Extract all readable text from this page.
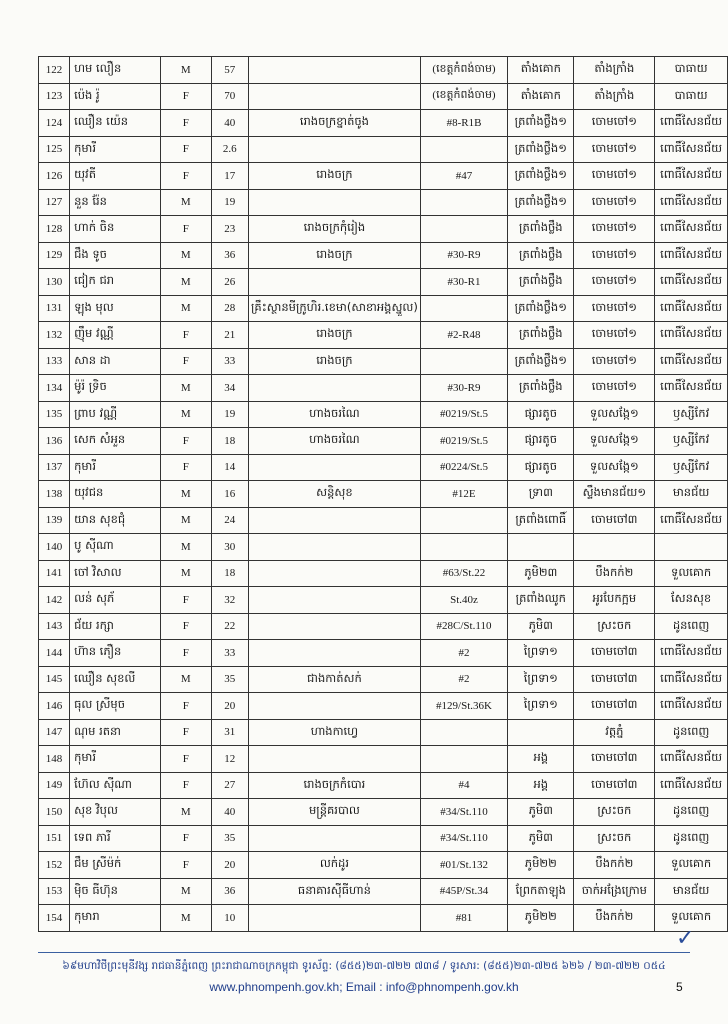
122	ហម លឿន	M	57		(ខេត្តកំពង់ចាម)	តាំងគោក	តាំងក្រាំង	បាធាយ
123	ប៉េង រ៉ូ	F	70		(ខេត្តកំពង់ចាម)	តាំងគោក	តាំងក្រាំង	បាធាយ
124	ឈឿន យ៉េន	F	40	រោងចក្រខ្នាត់ចូង	#8-R1B	ត្រពាំងថ្លឹង១	ចោមចៅ១	ពោធិ៍សែនជ័យ
125	កុមារី	F	2.6			ត្រពាំងថ្លឹង១	ចោមចៅ១	ពោធិ៍សែនជ័យ
126	យុវតី	F	17	រោងចក្រ	#47	ត្រពាំងថ្លឹង១	ចោមចៅ១	ពោធិ៍សែនជ័យ
127	នួន រ៉ែន	M	19			ត្រពាំងថ្លឹង១	ចោមចៅ១	ពោធិ៍សែនជ័យ
128	ហាក់ ចិន	F	23	រោងចក្រកុំរៀង		ត្រពាំងថ្លឹង	ចោមចៅ១	ពោធិ៍សែនជ័យ
129	ជឹង ទូច	M	36	រោងចក្រ	#30-R9	ត្រពាំងថ្លឹង	ចោមចៅ១	ពោធិ៍សែនជ័យ
130	ជៀក ជរា	M	26		#30-R1	ត្រពាំងថ្លឹង	ចោមចៅ១	ពោធិ៍សែនជ័យ
131	ឡុង មុល	M	28	គ្រឹះស្ថានមីក្រូហិរ.ខេមា(សាខាអង្គស្នួល)		ត្រពាំងថ្លឹង១	ចោមចៅ១	ពោធិ៍សែនជ័យ
132	ញ៉ឹម វណ្ណី	F	21	រោងចក្រ	#2-R48	ត្រពាំងថ្លឹង	ចោមចៅ១	ពោធិ៍សែនជ័យ
133	សាន ដា	F	33	រោងចក្រ		ត្រពាំងថ្លឹង១	ចោមចៅ១	ពោធិ៍សែនជ័យ
134	ម៉ូរ៉ ទ្រិច	M	34		#30-R9	ត្រពាំងថ្លឹង	ចោមចៅ១	ពោធិ៍សែនជ័យ
135	ព្រាប វណ្ណី	M	19	ហាងចរណៃ	#0219/St.5	ផ្សារតូច	ទួលសង្កែ១	ឫស្សីកែវ
136	សេក សំអួន	F	18	ហាងចរណៃ	#0219/St.5	ផ្សារតូច	ទួលសង្កែ១	ឫស្សីកែវ
137	កុមារី	F	14		#0224/St.5	ផ្សារតូច	ទួលសង្កែ១	ឫស្សីកែវ
138	យុវជន	M	16	សន្តិសុខ	#12E	ទ្រា៣	ស្ទឹងមានជ័យ១	មានជ័យ
139	យាន សុខជុំ	M	24			ត្រពាំងពោធិ៍	ចោមចៅ៣	ពោធិ៍សែនជ័យ
140	បូ ស៊ីណា	M	30					
141	ចៅ វិសាល	M	18		#63/St.22	ភូមិ២៣	បឹងកក់២	ទួលគោក
142	លន់ សុភ័	F	32		St.40z	ត្រពាំងឈូក	អូរបែកក្អម	សែនសុខ
143	ជ័យ រក្សា	F	22		#28C/St.110	ភូមិ៣	ស្រះចក	ដូនពេញ
144	ហ៊ាន ភឿន	F	33		#2	ព្រៃទា១	ចោមចៅ៣	ពោធិ៍សែនជ័យ
145	ឈឿន សុខលី	M	35	ជាងកាត់សក់	#2	ព្រៃទា១	ចោមចៅ៣	ពោធិ៍សែនជ័យ
146	ធុល ស្រីមុច	F	20		#129/St.36K	ព្រៃទា១	ចោមចៅ៣	ពោធិ៍សែនជ័យ
147	ណុម រតនា	F	31	ហាងកាហ្វេ			វត្តភ្នំ	ដូនពេញ
148	កុមារី	F	12			អង្គ	ចោមចៅ៣	ពោធិ៍សែនជ័យ
149	ហ៊ែល ស៊ីណា	F	27	រោងចក្រកំបោរ	#4	អង្គ	ចោមចៅ៣	ពោធិ៍សែនជ័យ
150	សុខ វិបុល	M	40	មន្ត្រីគរបាល	#34/St.110	ភូមិ៣	ស្រះចក	ដូនពេញ
151	ទេព ភារី	F	35		#34/St.110	ភូមិ៣	ស្រះចក	ដូនពេញ
152	ជឹម ស្រីម៉ក់	F	20	លក់ដូរ	#01/St.132	ភូមិ២២	បឹងកក់២	ទួលគោក
153	ម៉ិច ធីហ៊ុន	M	36	ធនាគារស៊ីធីហាន់	#45P/St.34	ព្រែកតាឡុង	ចាក់អង្រែក្រោម	មានជ័យ
154	កុមារា	M	10		#81	ភូមិ២២	បឹងកក់២	ទួលគោក
✓
៦៩មហាវិថីព្រះមុនីវង្ស រាជធានីភ្នំពេញ ព្រះរាជាណាចក្រកម្ពុជា ទូរស័ព្ទ: (៨៥៥)២៣-៧២២ ៧៣៨ / ទូរសារ: (៨៥៥)២៣-៧២៥ ៦២៦ / ២៣-៧២២ ០៥៤
www.phnompenh.gov.kh; Email : info@phnompenh.gov.kh	5
